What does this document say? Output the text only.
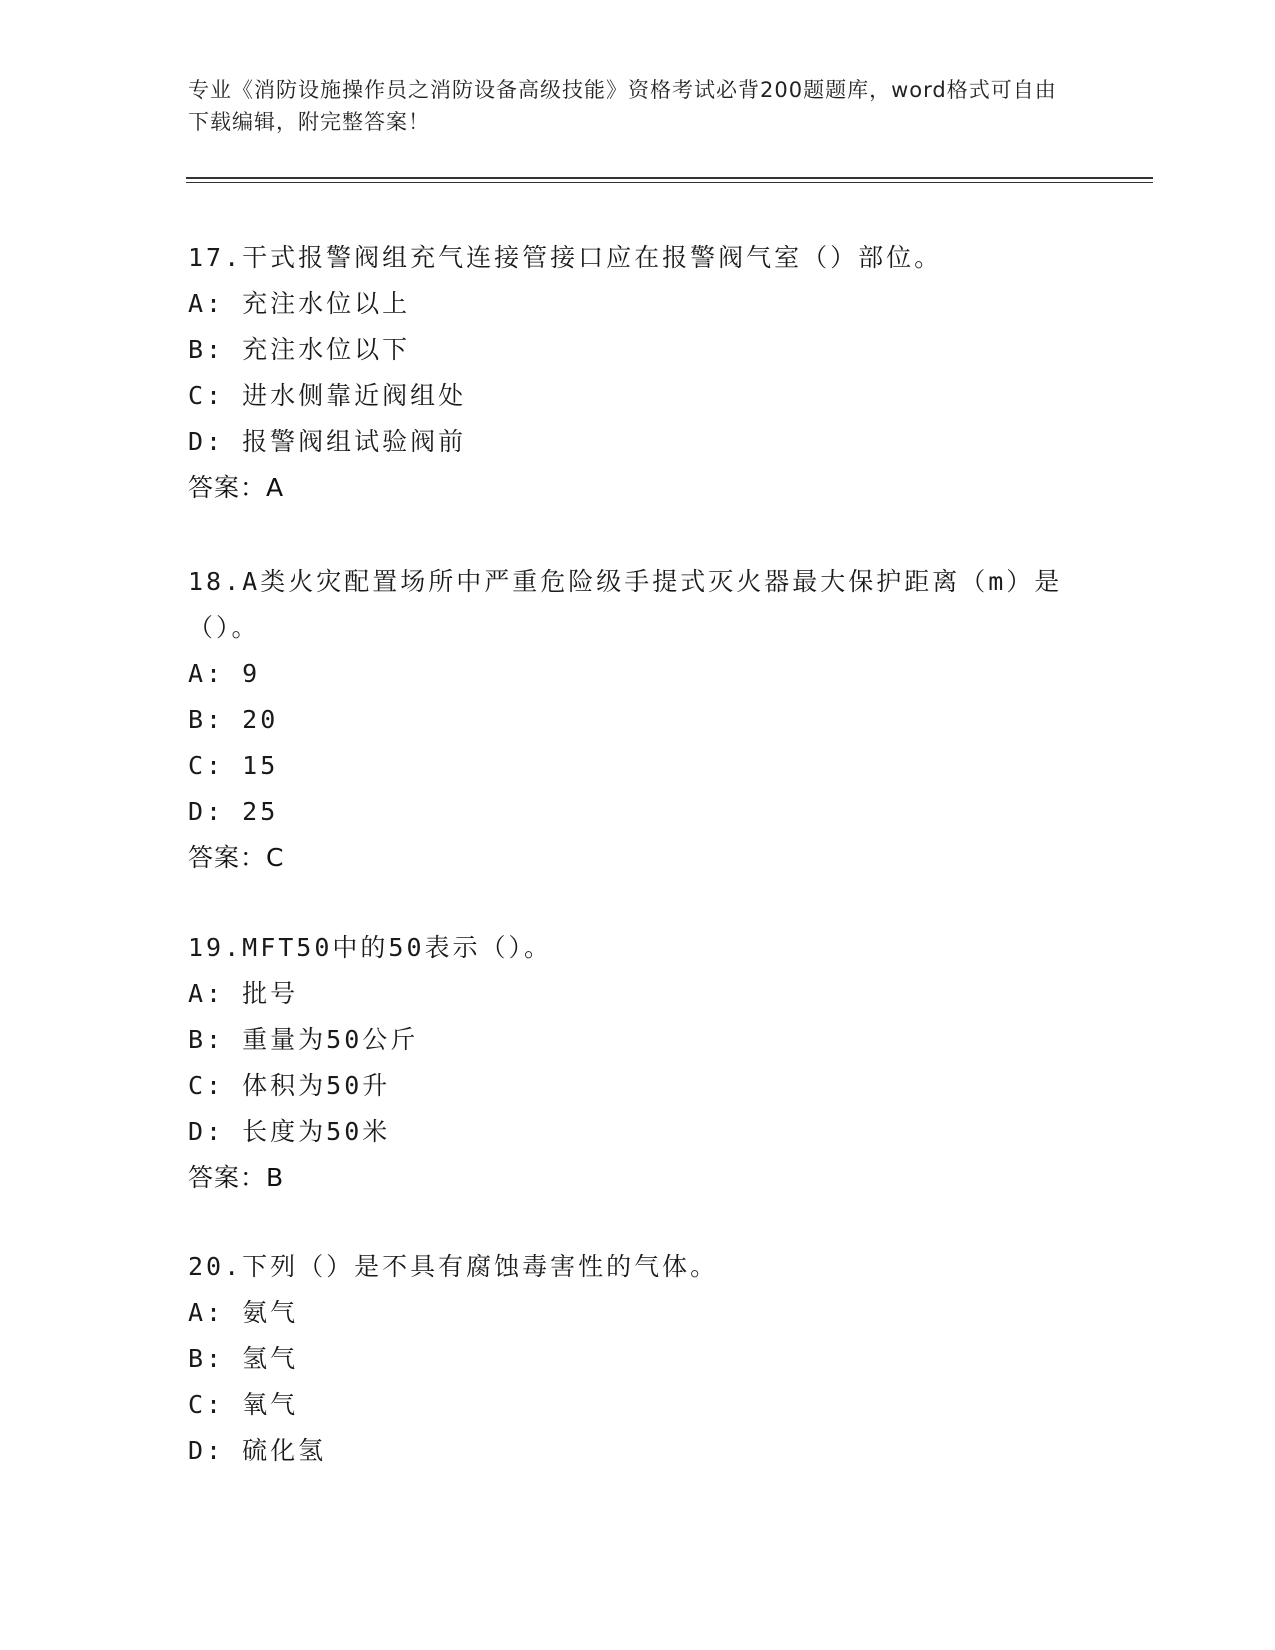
专业《消防设施操作员之消防设备高级技能》资格考试必背200题题库，word格式可自由下载编辑，附完整答案！

17.干式报警阀组充气连接管接口应在报警阀气室（）部位。

A: 充注水位以上

B: 充注水位以下

C: 进水侧靠近阀组处

D: 报警阀组试验阀前

答案：A

18.A类火灾配置场所中严重危险级手提式灭火器最大保护距离（m）是（）。

A: 9

B: 20

C: 15

D: 25

答案：C

19.MFT50中的50表示（）。

A: 批号

B: 重量为50公斤

C: 体积为50升

D: 长度为50米

答案：B

20.下列（）是不具有腐蚀毒害性的气体。

A: 氨气

B: 氢气

C: 氧气

D: 硫化氢
